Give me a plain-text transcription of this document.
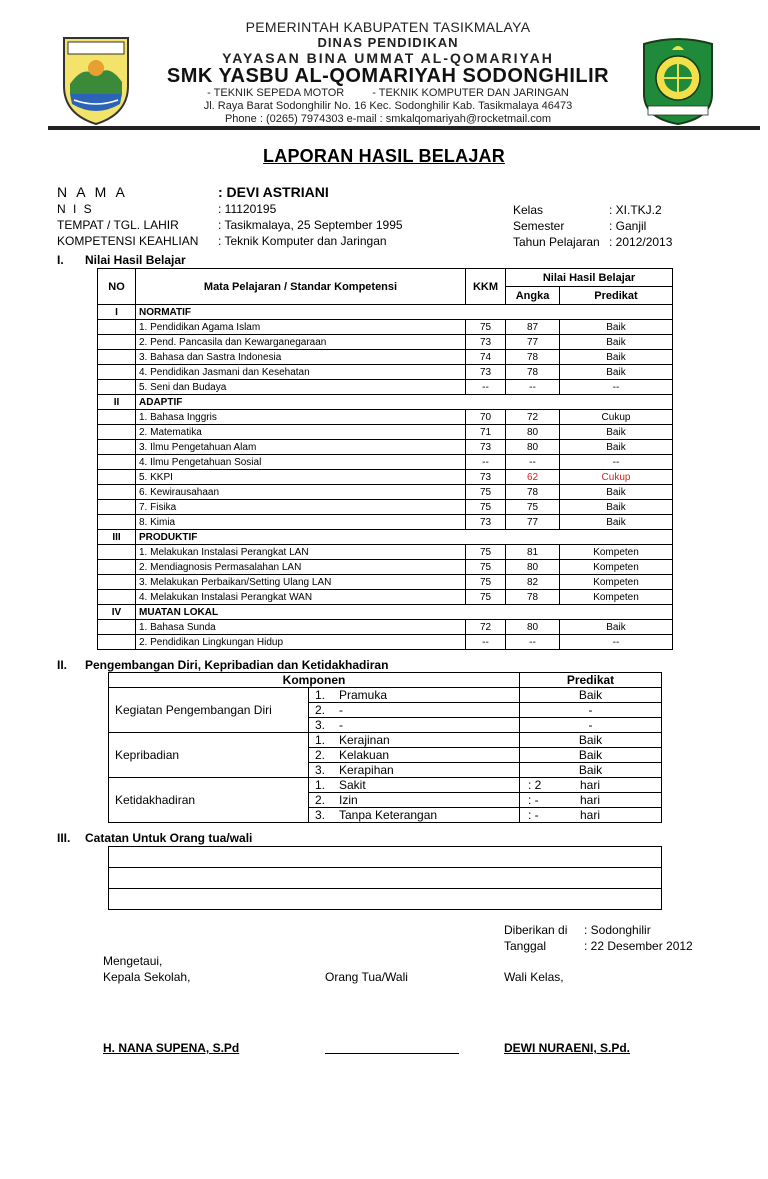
PEMERINTAH KABUPATEN TASIKMALAYA
DINAS PENDIDIKAN
YAYASAN BINA UMMAT AL-QOMARIYAH
SMK YASBU AL-QOMARIYAH SODONGHILIR
- TEKNIK SEPEDA MOTOR	- TEKNIK KOMPUTER DAN JARINGAN
Jl. Raya Barat Sodonghilir No. 16 Kec. Sodonghilir Kab. Tasikmalaya 46473
Phone : (0265) 7974303 e-mail : smkalqomariyah@rocketmail.com
LAPORAN HASIL BELAJAR
N A M A	: DEVI ASTRIANI
N I S	: 11120195
TEMPAT / TGL. LAHIR	: Tasikmalaya, 25 September 1995
KOMPETENSI KEAHLIAN : Teknik Komputer dan Jaringan
Kelas	: XI.TKJ.2
Semester	: Ganjil
Tahun Pelajaran : 2012/2013
I. Nilai Hasil Belajar
NO	Mata Pelajaran / Standar Kompetensi	KKM	Nilai Hasil Belajar	
			Angka	Predikat
I	NORMATIF			
	1. Pendidikan Agama Islam	75	87	Baik
	2. Pend. Pancasila dan Kewarganegaraan	73	77	Baik
	3. Bahasa dan Sastra Indonesia	74	78	Baik
	4. Pendidikan Jasmani dan Kesehatan	73	78	Baik
	5. Seni dan Budaya	--	--	--
II	ADAPTIF			
	1. Bahasa Inggris	70	72	Cukup
	2. Matematika	71	80	Baik
	3. Ilmu Pengetahuan Alam	73	80	Baik
	4. Ilmu Pengetahuan Sosial	--	--	--
	5. KKPI	73	62	Cukup
	6. Kewirausahaan	75	78	Baik
	7. Fisika	75	75	Baik
	8. Kimia	73	77	Baik
III	PRODUKTIF			
	1. Melakukan Instalasi Perangkat LAN	75	81	Kompeten
	2. Mendiagnosis Permasalahan LAN	75	80	Kompeten
	3. Melakukan Perbaikan/Setting Ulang LAN	75	82	Kompeten
	4. Melakukan Instalasi Perangkat WAN	75	78	Kompeten
IV	MUATAN LOKAL			
	1. Bahasa Sunda	72	80	Baik
	2. Pendidikan Lingkungan Hidup	--	--	--
II. Pengembangan Diri, Kepribadian dan Ketidakhadiran
Komponen		Predikat
Kegiatan Pengembangan Diri	1. Pramuka	Baik
	2. -	-
	3. -	-
Kepribadian	1. Kerajinan	Baik
	2. Kelakuan	Baik
	3. Kerapihan	Baik
Ketidakhadiran	1. Sakit	: 2 hari
	2. Izin	: - hari
	3. Tanpa Keterangan	: - hari
III. Catatan Untuk Orang tua/wali

Diberikan di : Sodonghilir
Tanggal	: 22 Desember 2012
Mengetaui,
Kepala Sekolah,	Orang Tua/Wali	Wali Kelas,
H. NANA SUPENA, S.Pd	DEWI NURAENI, S.Pd.
